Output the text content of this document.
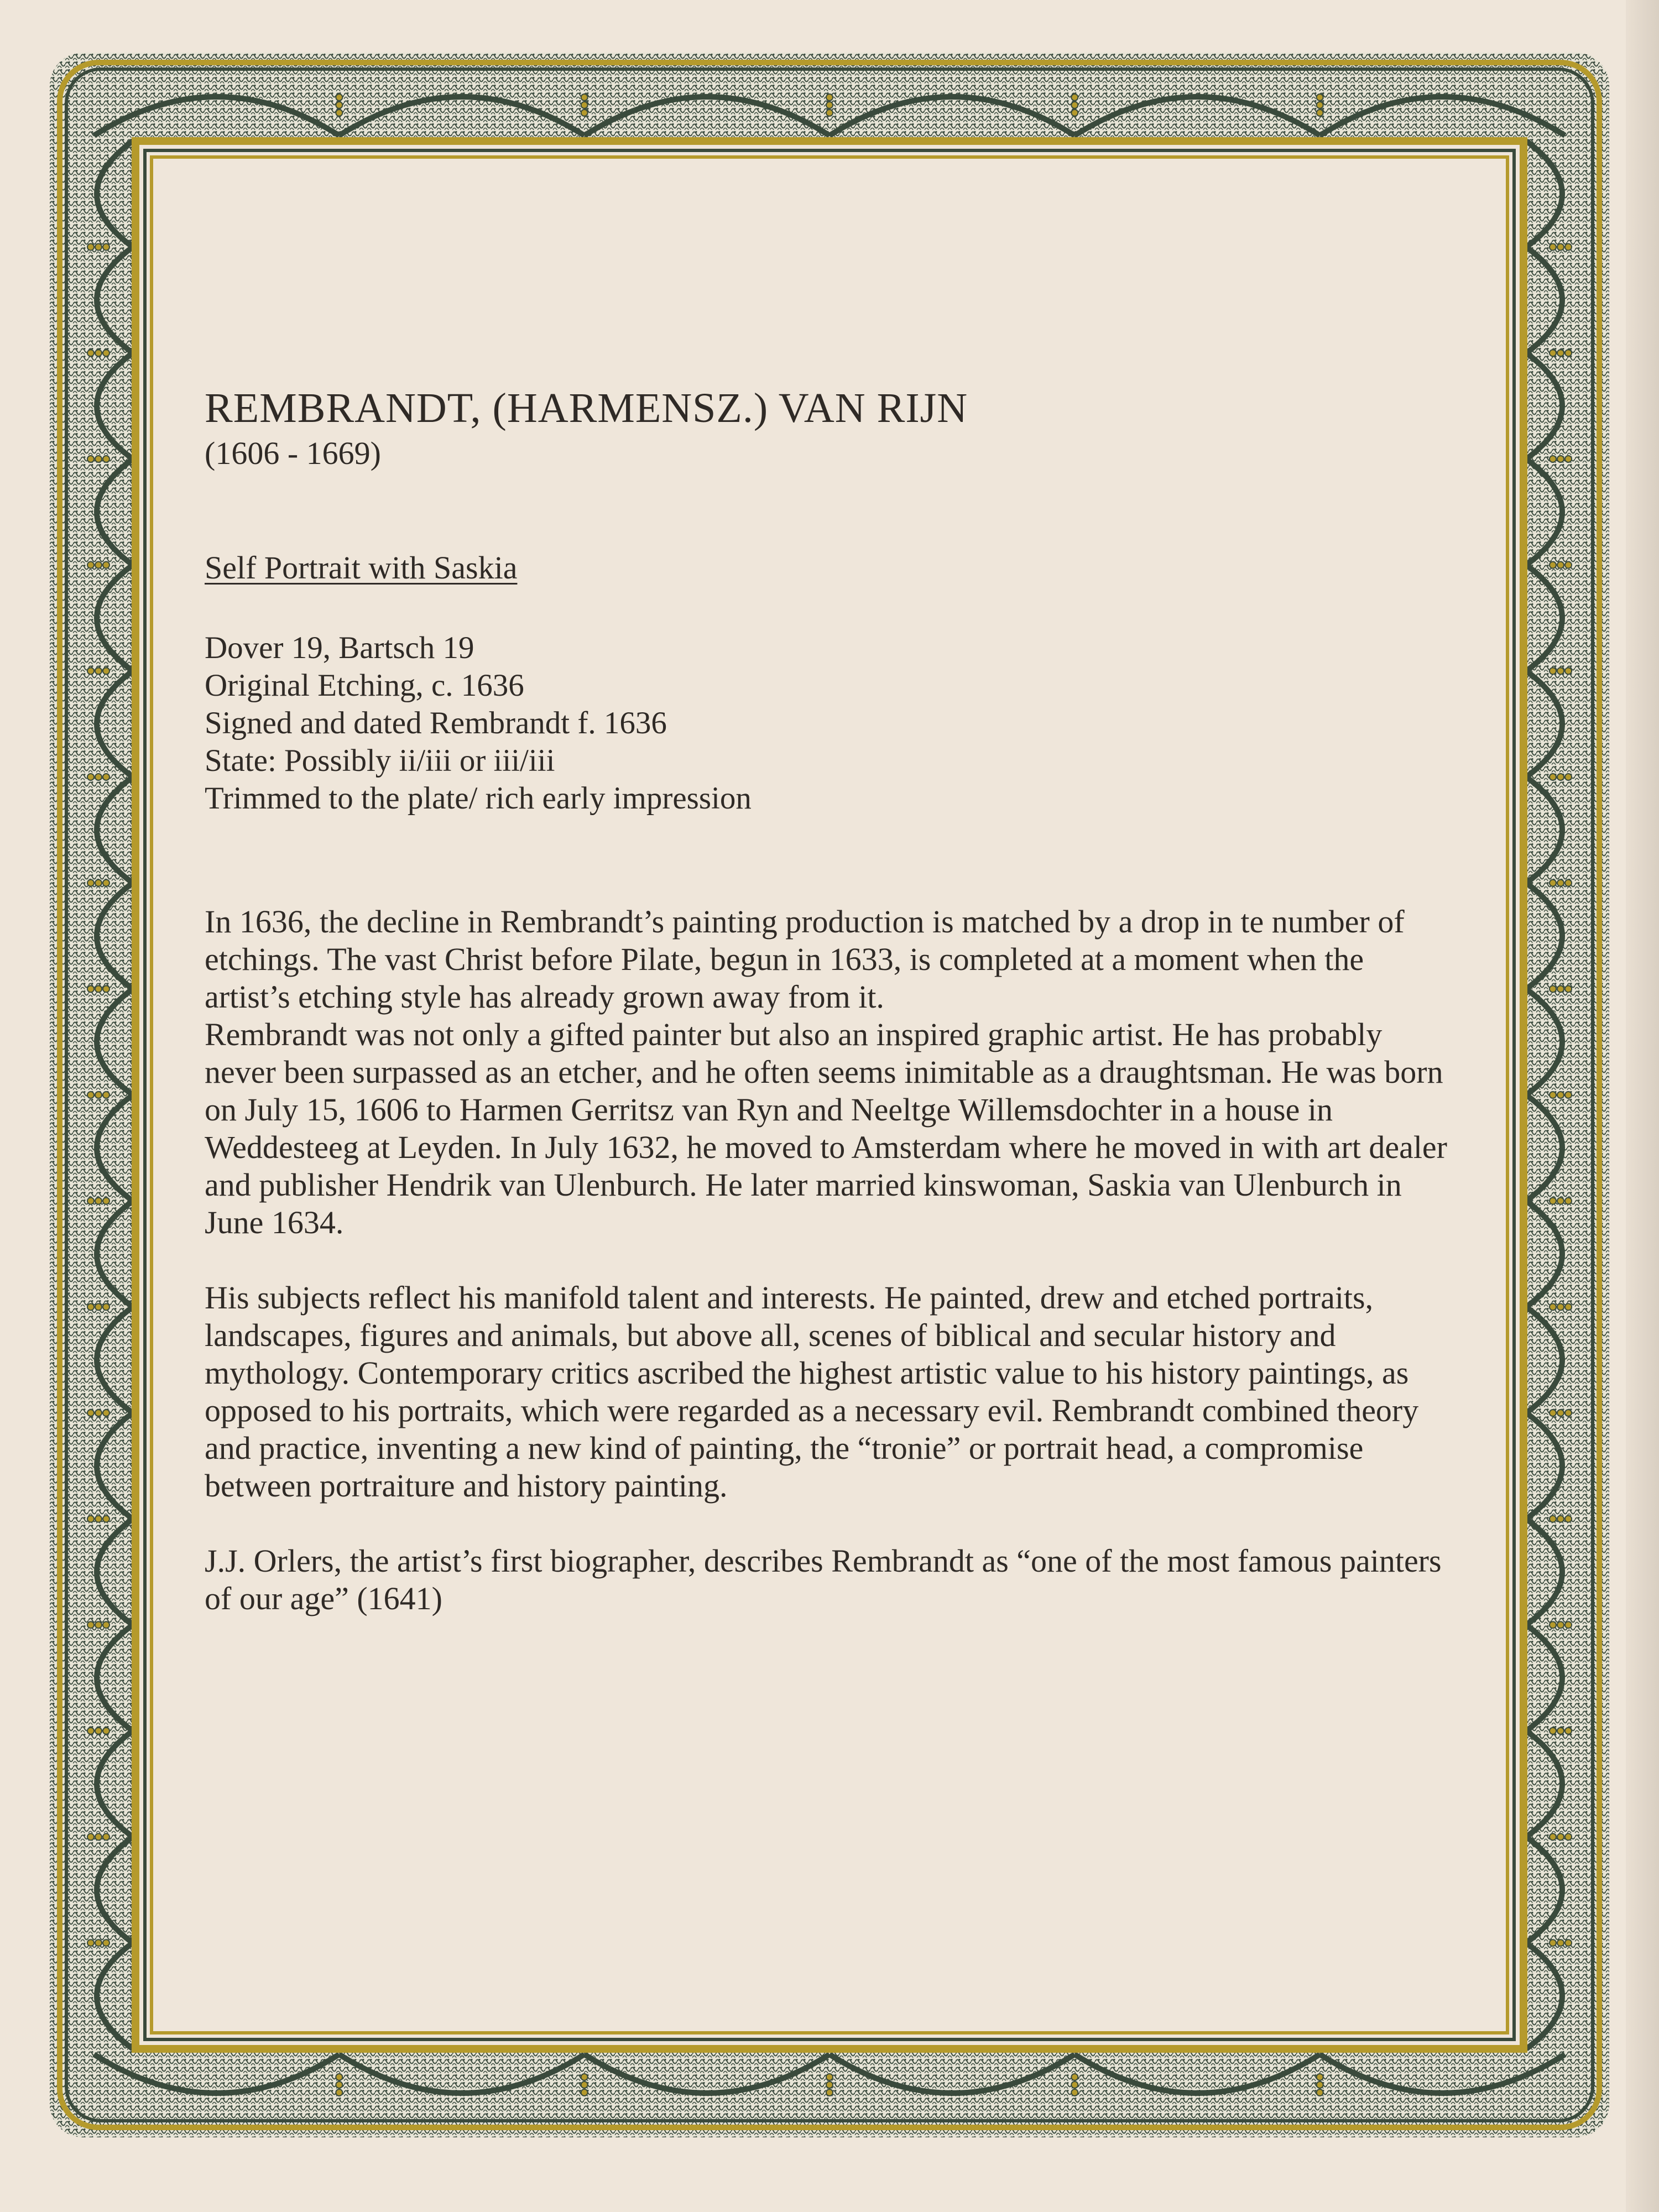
REMBRANDT, (HARMENSZ.) VAN RIJN

(1606 - 1669)

Self Portrait with Saskia

Dover 19, Bartsch 19
Original Etching, c. 1636
Signed and dated Rembrandt f. 1636
State: Possibly ii/iii or iii/iii
Trimmed to the plate/ rich early impression

In 1636, the decline in Rembrandt’s painting production is matched by a drop in te number of etchings. The vast Christ before Pilate, begun in 1633, is completed at a moment when the artist’s etching style has already grown away from it.

Rembrandt was not only a gifted painter but also an inspired graphic artist. He has probably never been surpassed as an etcher, and he often seems inimitable as a draughtsman. He was born on July 15, 1606 to Harmen Gerritsz van Ryn and Neeltge Willemsdochter in a house in Weddesteeg at Leyden. In July 1632, he moved to Amsterdam where he moved in with art dealer and publisher Hendrik van Ulenburch. He later married kinswoman, Saskia van Ulenburch in June 1634.

His subjects reflect his manifold talent and interests. He painted, drew and etched portraits, landscapes, figures and animals, but above all, scenes of biblical and secular history and mythology. Contemporary critics ascribed the highest artistic value to his history paintings, as opposed to his portraits, which were regarded as a necessary evil. Rembrandt combined theory and practice, inventing a new kind of painting, the “tronie” or portrait head, a compromise between portraiture and history painting.

J.J. Orlers, the artist’s first biographer, describes Rembrandt as “one of the most famous painters of our age” (1641)
